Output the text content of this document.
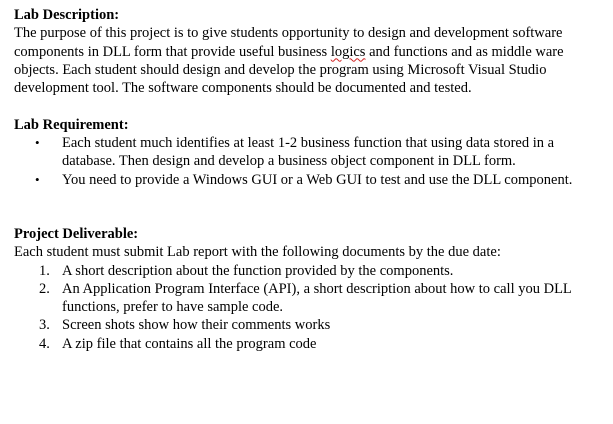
Lab Description:

The purpose of this project is to give students opportunity to design and development software components in DLL form that provide useful business logics and functions and as middle ware objects. Each student should design and develop the program using Microsoft Visual Studio development tool. The software components should be documented and tested.

Lab Requirement:

• Each student much identifies at least 1-2 business function that using data stored in a database. Then design and develop a business object component in DLL form.
• You need to provide a Windows GUI or a Web GUI to test and use the DLL component.

Project Deliverable:

Each student must submit Lab report with the following documents by the due date:

1. A short description about the function provided by the components.
2. An Application Program Interface (API), a short description about how to call you DLL functions, prefer to have sample code.
3. Screen shots show how their comments works
4. A zip file that contains all the program code
